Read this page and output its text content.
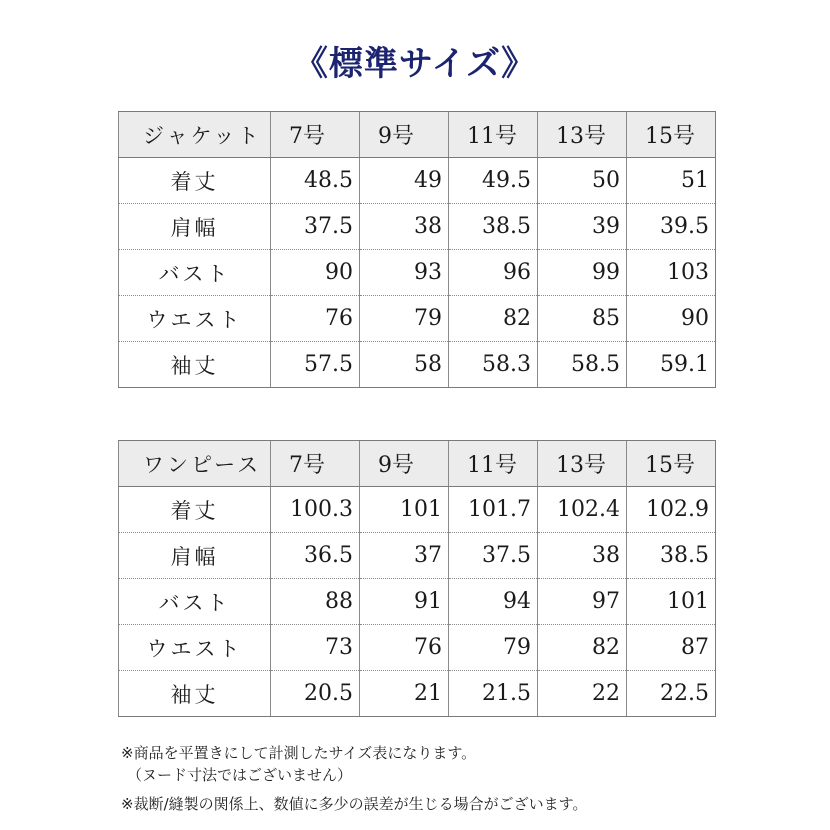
《標準サイズ》
ジャケット	7号	9号	11号	13号	15号
着丈	48.5	49	49.5	50	51
肩幅	37.5	38	38.5	39	39.5
バスト	90	93	96	99	103
ウエスト	76	79	82	85	90
袖丈	57.5	58	58.3	58.5	59.1
ワンピース	7号	9号	11号	13号	15号
着丈	100.3	101	101.7	102.4	102.9
肩幅	36.5	37	37.5	38	38.5
バスト	88	91	94	97	101
ウエスト	73	76	79	82	87
袖丈	20.5	21	21.5	22	22.5
※商品を平置きにして計測したサイズ表になります。
（ヌード寸法ではございません）
※裁断/縫製の関係上、数値に多少の誤差が生じる場合がございます。
